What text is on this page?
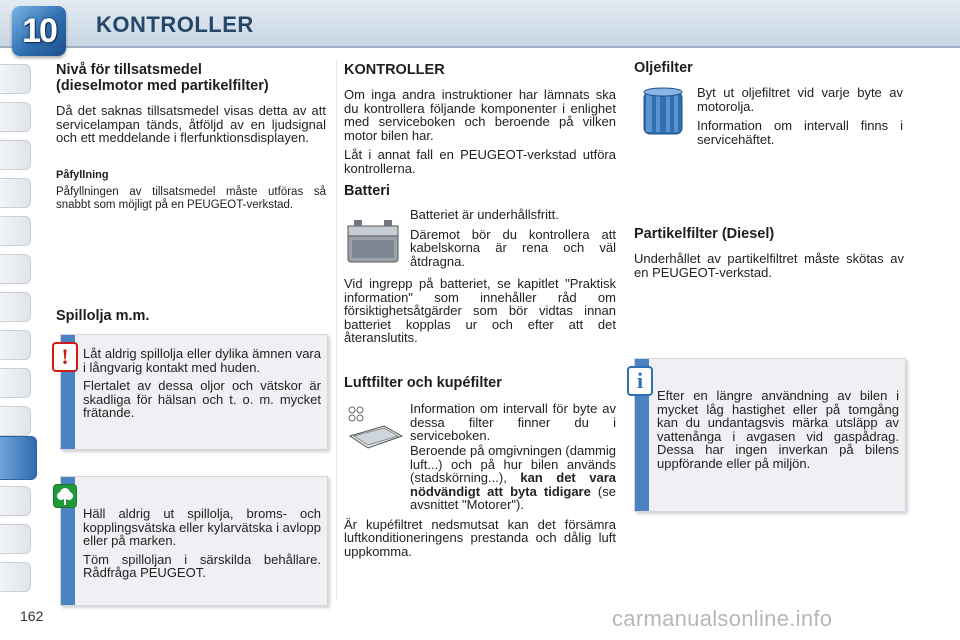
10 KONTROLLER
162
Nivå för tillsatsmedel
(dieselmotor med partikelfilter)

Då det saknas tillsatsmedel visas detta av att servicelampan tänds, åtföljd av en ljudsignal och ett meddelande i flerfunktionsdisplayen.

Påfyllning

Påfyllningen av tillsatsmedel måste utföras så snabbt som möjligt på en PEUGEOT-verkstad.

Spillolja m.m.

Låt aldrig spillolja eller dylika ämnen vara i långvarig kontakt med huden.

Flertalet av dessa oljor och vätskor är skadliga för hälsan och t. o. m. mycket frätande.

!

Häll aldrig ut spillolja, broms- och kopplingsvätska eller kylarvätska i avlopp eller på marken.

Töm spilloljan i särskilda behållare. Rådfråga PEUGEOT.

KONTROLLER

Om inga andra instruktioner har lämnats ska du kontrollera följande komponenter i enlighet med serviceboken och beroende på vilken motor bilen har.

Låt i annat fall en PEUGEOT-verkstad utföra kontrollerna.

Batteri

Batteriet är underhållsfritt.

Däremot bör du kontrollera att kabelskorna är rena och väl åtdragna.

Vid ingrepp på batteriet, se kapitlet "Praktisk information" som innehåller råd om försiktighetsåtgärder som bör vidtas innan batteriet kopplas ur och efter att det återanslutits.

Luftfilter och kupéfilter

Information om intervall för byte av dessa filter finner du i serviceboken.

Beroende på omgivningen (dammig luft...) och på hur bilen används (stadskörning...), kan det vara nödvändigt att byta tidigare (se avsnittet "Motorer").

Är kupéfiltret nedsmutsat kan det försämra luftkonditioneringens prestanda och dålig luft uppkomma.

Oljefilter

Byt ut oljefiltret vid varje byte av motorolja.

Information om intervall finns i servicehäftet.

Partikelfilter (Diesel)

Underhållet av partikelfiltret måste skötas av en PEUGEOT-verkstad.

Efter en längre användning av bilen i mycket låg hastighet eller på tomgång kan du undantagsvis märka utsläpp av vattenånga i avgasen vid gaspådrag. Dessa har ingen inverkan på bilens uppförande eller på miljön.

i
carmanualsonline.info
